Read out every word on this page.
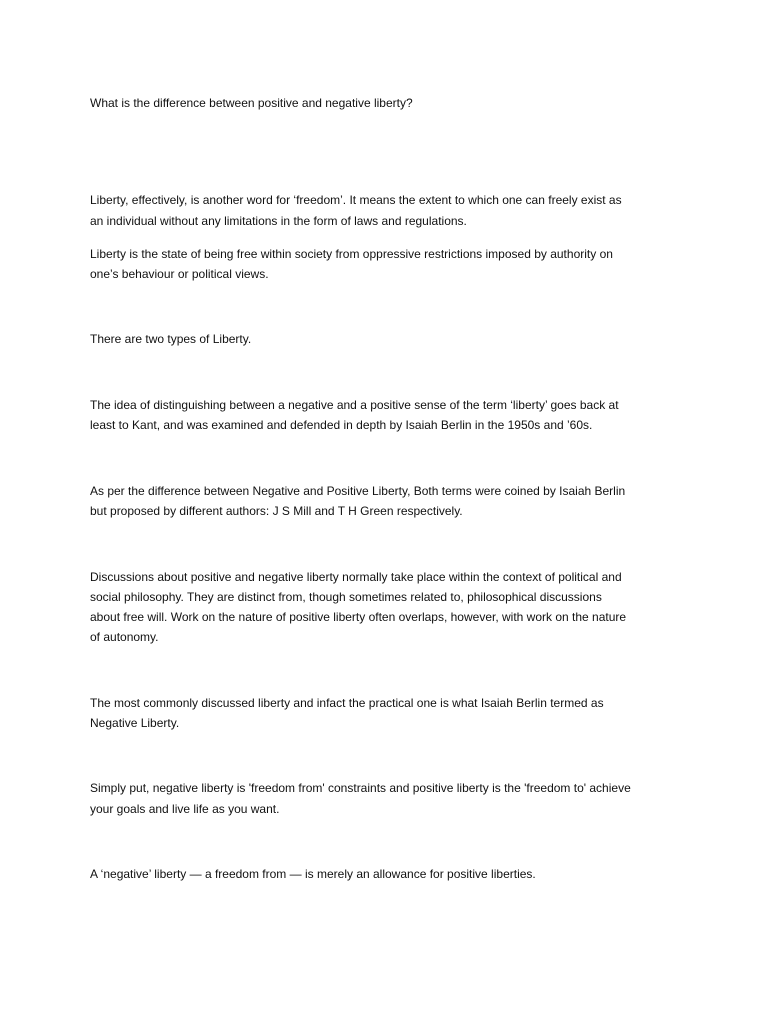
What is the difference between positive and negative liberty?

Liberty, effectively, is another word for ‘freedom’. It means the extent to which one can freely exist as

an individual without any limitations in the form of laws and regulations.

Liberty is the state of being free within society from oppressive restrictions imposed by authority on

one’s behaviour or political views.

There are two types of Liberty.

The idea of distinguishing between a negative and a positive sense of the term ‘liberty’ goes back at

least to Kant, and was examined and defended in depth by Isaiah Berlin in the 1950s and ’60s.

As per the difference between Negative and Positive Liberty, Both terms were coined by Isaiah Berlin

but proposed by different authors: J S Mill and T H Green respectively.

Discussions about positive and negative liberty normally take place within the context of political and

social philosophy. They are distinct from, though sometimes related to, philosophical discussions

about free will. Work on the nature of positive liberty often overlaps, however, with work on the nature

of autonomy.

The most commonly discussed liberty and infact the practical one is what Isaiah Berlin termed as

Negative Liberty.

Simply put, negative liberty is 'freedom from' constraints and positive liberty is the 'freedom to' achieve

your goals and live life as you want.

A ‘negative’ liberty — a freedom from — is merely an allowance for positive liberties.
